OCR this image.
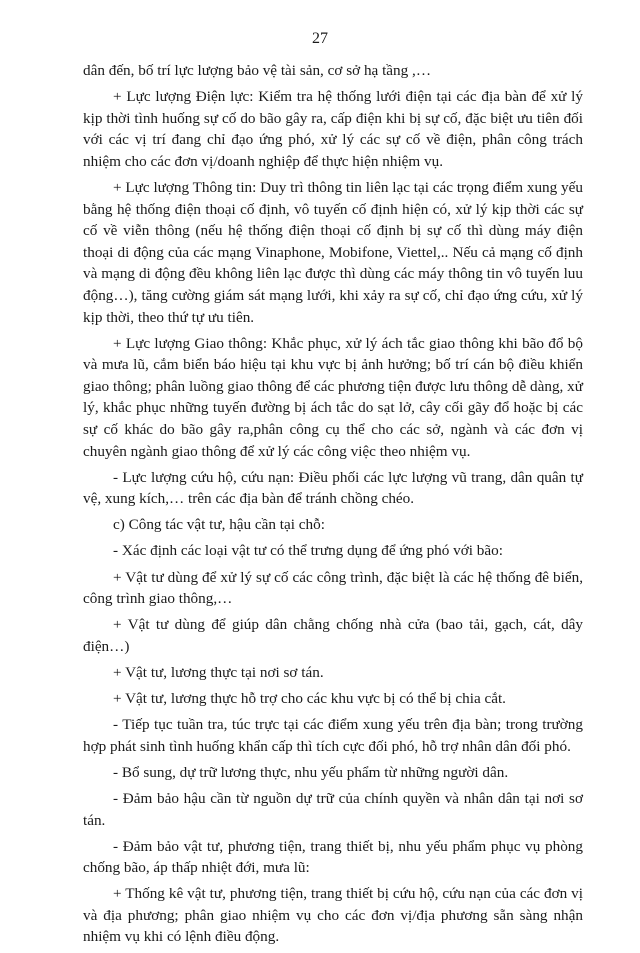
27

dân đến, bố trí lực lượng bảo vệ tài sản, cơ sở hạ tầng ,…

+ Lực lượng Điện lực: Kiểm tra hệ thống lưới điện tại các địa bàn để xử lý kịp thời tình huống sự cố do bão gây ra, cấp điện khi bị sự cố, đặc biệt ưu tiên đối với các vị trí đang chỉ đạo ứng phó, xử lý các sự cố về điện, phân công trách nhiệm cho các đơn vị/doanh nghiệp để thực hiện nhiệm vụ.

+ Lực lượng Thông tin: Duy trì thông tin liên lạc tại các trọng điểm xung yếu bằng hệ thống điện thoại cố định, vô tuyến cố định hiện có, xử lý kịp thời các sự cố về viễn thông (nếu hệ thống điện thoại cố định bị sự cố thì dùng máy điện thoại di động của các mạng Vinaphone, Mobifone, Viettel,.. Nếu cả mạng cố định và mạng di động đều không liên lạc được thì dùng các máy thông tin vô tuyến luu động…), tăng cường giám sát mạng lưới, khi xảy ra sự cố, chỉ đạo ứng cứu, xử lý kịp thời, theo thứ tự ưu tiên.

+ Lực lượng Giao thông: Khắc phục, xử lý ách tắc giao thông khi bão đổ bộ và mưa lũ, cắm biển báo hiệu tại khu vực bị ảnh hưởng; bố trí cán bộ điều khiển giao thông; phân luồng giao thông để các phương tiện được lưu thông dễ dàng, xử lý, khắc phục những tuyến đường bị ách tắc do sạt lở, cây cối gãy đổ hoặc bị các sự cố khác do bão gây ra,phân công cụ thể cho các sở, ngành và các đơn vị chuyên ngành giao thông để xử lý các công việc theo nhiệm vụ.

- Lực lượng cứu hộ, cứu nạn: Điều phối các lực lượng vũ trang, dân quân tự vệ, xung kích,… trên các địa bàn để tránh chồng chéo.

c) Công tác vật tư, hậu cần tại chỗ:

- Xác định các loại vật tư có thể trưng dụng để ứng phó với bão:

+ Vật tư dùng để xử lý sự cố các công trình, đặc biệt là các hệ thống đê biển, công trình giao thông,…

+ Vật tư dùng để giúp dân chằng chống nhà cửa (bao tải, gạch, cát, dây điện…)

+ Vật tư, lương thực tại nơi sơ tán.

+ Vật tư, lương thực hỗ trợ cho các khu vực bị có thể bị chia cắt.

- Tiếp tục tuần tra, túc trực tại các điểm xung yếu trên địa bàn; trong trường hợp phát sinh tình huống khẩn cấp thì tích cực đối phó, hỗ trợ nhân dân đối phó.

- Bổ sung, dự trữ lương thực, nhu yếu phẩm từ những người dân.

- Đảm bảo hậu cần từ nguồn dự trữ của chính quyền và nhân dân tại nơi sơ tán.

- Đảm bảo vật tư, phương tiện, trang thiết bị, nhu yếu phẩm phục vụ phòng chống bão, áp thấp nhiệt đới, mưa lũ:

+ Thống kê vật tư, phương tiện, trang thiết bị cứu hộ, cứu nạn của các đơn vị và địa phương; phân giao nhiệm vụ cho các đơn vị/địa phương sẵn sàng nhận nhiệm vụ khi có lệnh điều động.
